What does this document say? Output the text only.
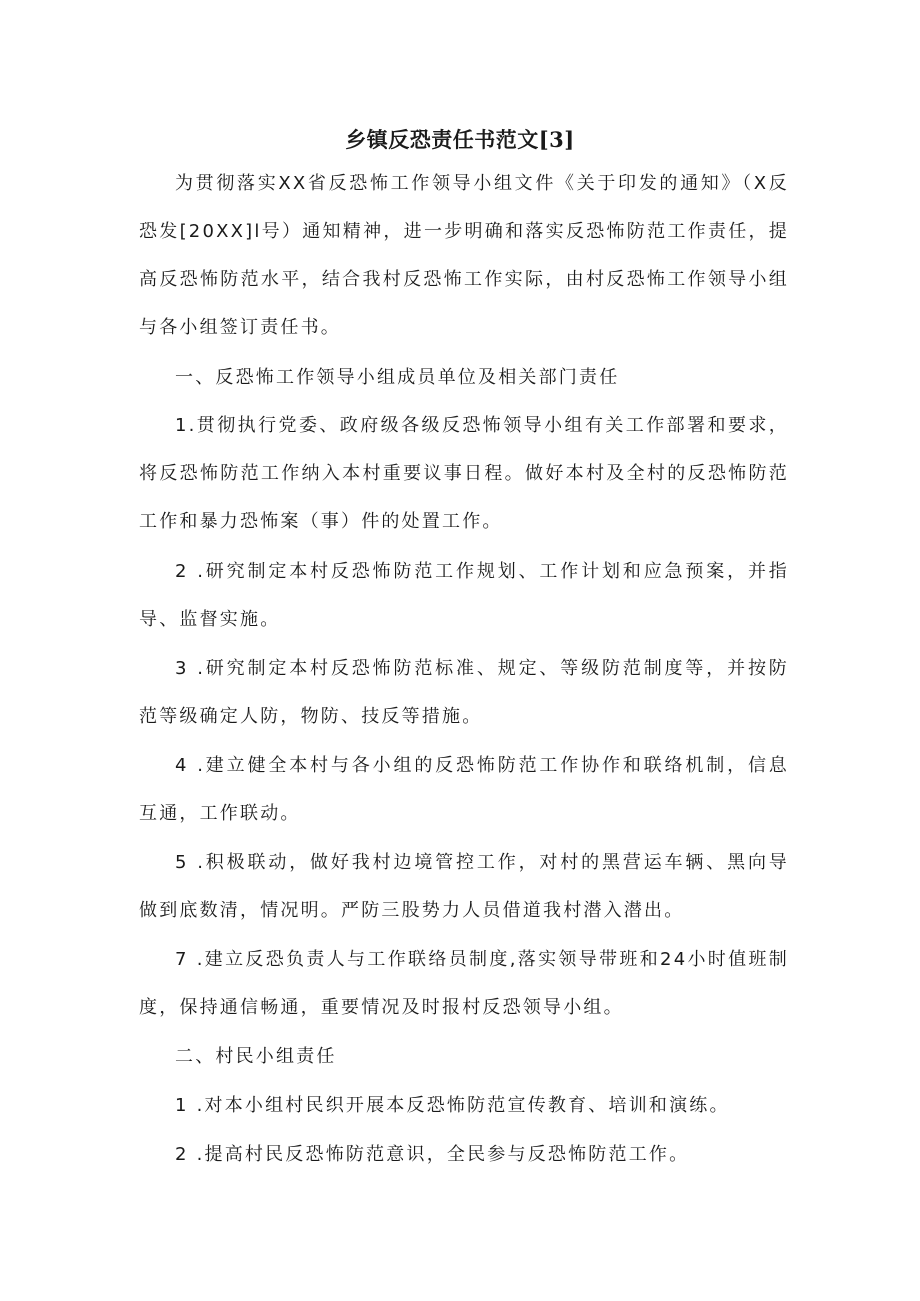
乡镇反恐责任书范文[3]

为贯彻落实XX省反恐怖工作领导小组文件《关于印发的通知》（X反恐发[20XX]l号）通知精神，进一步明确和落实反恐怖防范工作责任，提高反恐怖防范水平，结合我村反恐怖工作实际，由村反恐怖工作领导小组与各小组签订责任书。

一、反恐怖工作领导小组成员单位及相关部门责任

1.贯彻执行党委、政府级各级反恐怖领导小组有关工作部署和要求，将反恐怖防范工作纳入本村重要议事日程。做好本村及全村的反恐怖防范工作和暴力恐怖案（事）件的处置工作。

2 .研究制定本村反恐怖防范工作规划、工作计划和应急预案，并指导、监督实施。

3 .研究制定本村反恐怖防范标准、规定、等级防范制度等，并按防范等级确定人防，物防、技反等措施。

4 .建立健全本村与各小组的反恐怖防范工作协作和联络机制，信息互通，工作联动。

5 .积极联动，做好我村边境管控工作，对村的黑营运车辆、黑向导做到底数清，情况明。严防三股势力人员借道我村潜入潜出。

7 .建立反恐负责人与工作联络员制度,落实领导带班和24小时值班制度，保持通信畅通，重要情况及时报村反恐领导小组。

二、村民小组责任

1 .对本小组村民织开展本反恐怖防范宣传教育、培训和演练。

2 .提高村民反恐怖防范意识，全民参与反恐怖防范工作。
